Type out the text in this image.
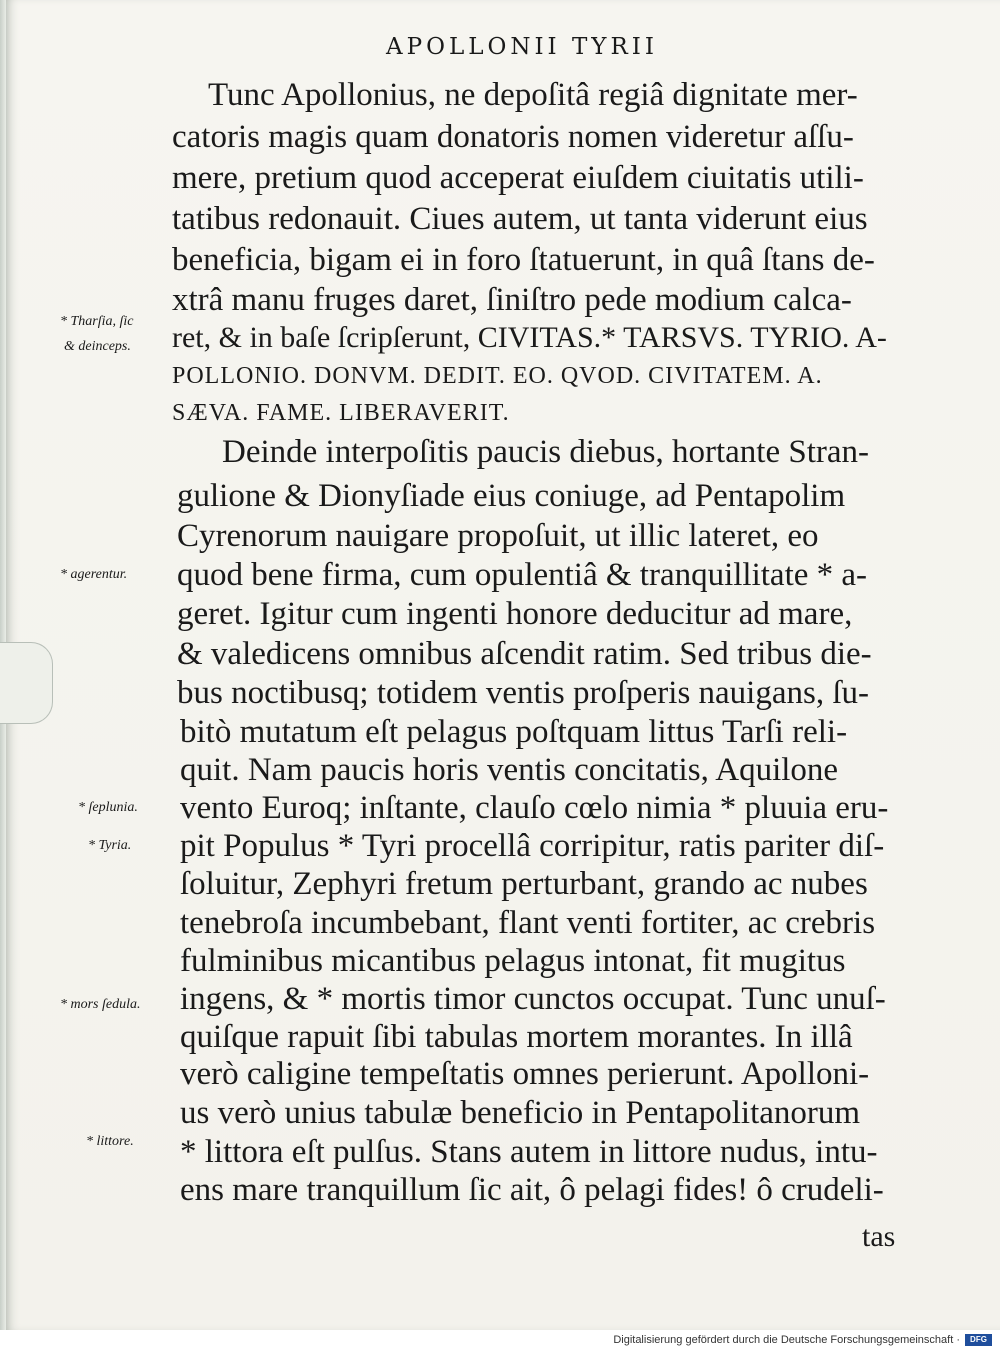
APOLLONII TYRII
Tunc Apollonius, ne depoſitâ regiâ dignitate mer-
catoris magis quam donatoris nomen videretur aſſu-
mere, pretium quod acceperat eiuſdem ciuitatis utili-
tatibus redonauit. Ciues autem, ut tanta viderunt eius
beneficia, bigam ei in foro ſtatuerunt, in quâ ſtans de-
xtrâ manu fruges daret, ſiniſtro pede modium calca-
ret, & in baſe ſcripſerunt, CIVITAS.* TARSVS. TYRIO. A-
POLLONIO. DONVM. DEDIT. EO. QVOD. CIVITATEM. A.
SÆVA. FAME. LIBERAVERIT.
Deinde interpoſitis paucis diebus, hortante Stran-
gulione & Dionyſiade eius coniuge, ad Pentapolim
Cyrenorum nauigare propoſuit, ut illic lateret, eo
quod bene firma, cum opulentiâ & tranquillitate * a-
geret. Igitur cum ingenti honore deducitur ad mare,
& valedicens omnibus aſcendit ratim. Sed tribus die-
bus noctibusq; totidem ventis proſperis nauigans, ſu-
bitò mutatum eſt pelagus poſtquam littus Tarſi reli-
quit. Nam paucis horis ventis concitatis, Aquilone
vento Euroq; inſtante, clauſo cœlo nimia * pluuia eru-
pit Populus * Tyri procellâ corripitur, ratis pariter diſ-
ſoluitur, Zephyri fretum perturbant, grando ac nubes
tenebroſa incumbebant, flant venti fortiter, ac crebris
fulminibus micantibus pelagus intonat, fit mugitus
ingens, & * mortis timor cunctos occupat. Tunc unuſ-
quiſque rapuit ſibi tabulas mortem morantes. In illâ
verò caligine tempeſtatis omnes perierunt. Apolloni-
us verò unius tabulæ beneficio in Pentapolitanorum
* littora eſt pulſus. Stans autem in littore nudus, intu-
ens mare tranquillum ſic ait, ô pelagi fides! ô crudeli-
tas
* Tharſia, ſic
& deinceps.
* agerentur.
* ſeplunia.
* Tyria.
* mors ſedula.
* littore.
Digitalisierung gefördert durch die Deutsche Forschungsgemeinschaft ·	DFG
